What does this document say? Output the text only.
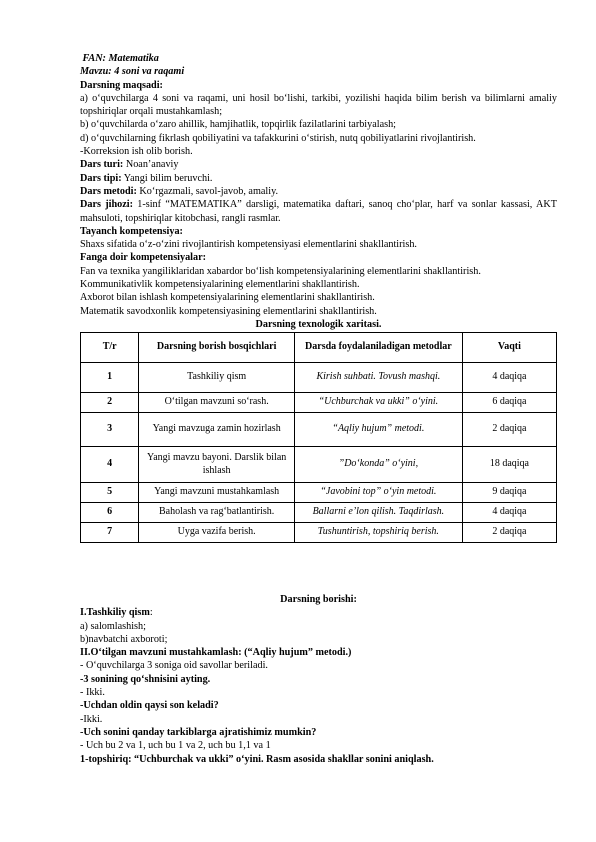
FAN: Matematika
Mavzu: 4 soni va raqami
Darsning maqsadi:
a) o‘quvchilarga 4 soni va raqami, uni hosil bo‘lishi, tarkibi, yozilishi haqida bilim berish va bilimlarni amaliy topshiriqlar orqali mustahkamlash;
b) o‘quvchilarda o‘zaro ahillik, hamjihatlik, topqirlik fazilatlarini tarbiyalash;
d) o‘quvchilarning fikrlash qobiliyatini va tafakkurini o‘stirish, nutq qobiliyatlarini rivojlantirish.
-Korreksion ish olib borish.
Dars turi: Noan’anaviy
Dars tipi: Yangi bilim beruvchi.
Dars metodi: Ko‘rgazmali, savol-javob, amaliy.
Dars jihozi: 1-sinf “MATEMATIKA” darsligi, matematika daftari, sanoq cho‘plar, harf va sonlar kassasi, AKT mahsuloti, topshiriqlar kitobchasi, rangli rasmlar.
Tayanch kompetensiya:
Shaxs sifatida o‘z-o‘zini rivojlantirish kompetensiyasi elementlarini shakllantirish.
Fanga doir kompetensiyalar:
Fan va texnika yangiliklaridan xabardor bo‘lish kompetensiyalarining elementlarini shakllantirish.
Kommunikativlik kompetensiyalarining elementlarini shakllantirish.
Axborot bilan ishlash kompetensiyalarining elementlarini shakllantirish.
Matematik savodxonlik kompetensiyasining elementlarini shakllantirish.
Darsning texnologik xaritasi.
T/r	Darsning borish bosqichlari	Darsda foydalaniladigan metodlar	Vaqti
1	Tashkiliy qism	Kirish suhbati. Tovush mashqi.	4 daqiqa
2	O‘tilgan mavzuni so‘rash.	“Uchburchak va ukki” o‘yini.	6 daqiqa
3	Yangi mavzuga zamin hozirlash	“Aqliy hujum” metodi.	2 daqiqa
4	Yangi mavzu bayoni. Darslik bilan ishlash	”Do‘konda” o‘yini,	18 daqiqa
5	Yangi mavzuni mustahkamlash	“Javobini top” o‘yin metodi.	9 daqiqa
6	Baholash va rag‘batlantirish.	Ballarni e’lon qilish. Taqdirlash.	4 daqiqa
7	Uyga vazifa berish.	Tushuntirish, topshiriq berish.	2 daqiqa
Darsning borishi:
I.Tashkiliy qism:
a) salomlashish;
b)navbatchi axboroti;
II.O‘tilgan mavzuni mustahkamlash: (“Aqliy hujum” metodi.)
- O‘quvchilarga 3 soniga oid savollar beriladi.
-3 sonining qo‘shnisini ayting.
- Ikki.
-Uchdan oldin qaysi son keladi?
-Ikki.
-Uch sonini qanday tarkiblarga ajratishimiz mumkin?
- Uch bu 2 va 1, uch bu 1 va 2, uch bu 1,1 va 1
1-topshiriq: “Uchburchak va ukki” o‘yini. Rasm asosida shakllar sonini aniqlash.
